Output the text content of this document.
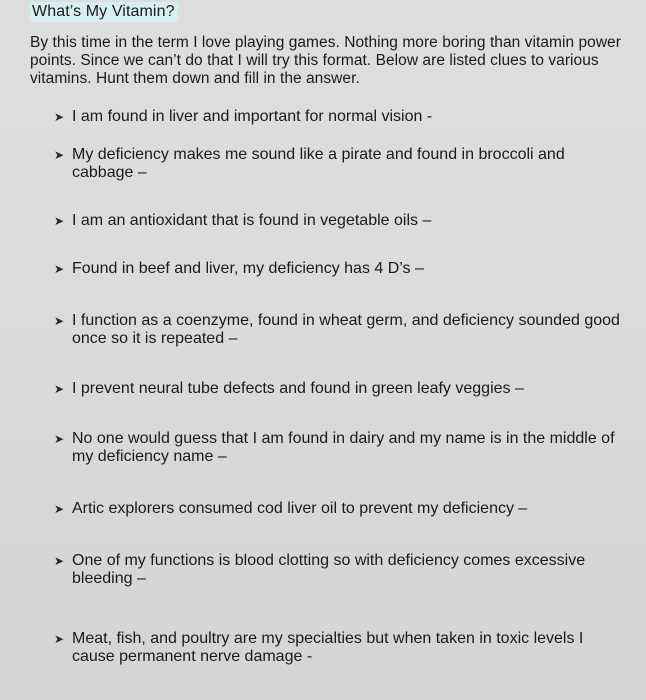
What’s My Vitamin?
By this time in the term I love playing games. Nothing more boring than vitamin power points. Since we can’t do that I will try this format. Below are listed clues to various vitamins. Hunt them down and fill in the answer.
➤ I am found in liver and important for normal vision -
➤ My deficiency makes me sound like a pirate and found in broccoli and cabbage –
➤ I am an antioxidant that is found in vegetable oils –
➤ Found in beef and liver, my deficiency has 4 D’s –
➤ I function as a coenzyme, found in wheat germ, and deficiency sounded good once so it is repeated –
➤ I prevent neural tube defects and found in green leafy veggies –
➤ No one would guess that I am found in dairy and my name is in the middle of my deficiency name –
➤ Artic explorers consumed cod liver oil to prevent my deficiency –
➤ One of my functions is blood clotting so with deficiency comes excessive bleeding –
➤ Meat, fish, and poultry are my specialties but when taken in toxic levels I cause permanent nerve damage -
